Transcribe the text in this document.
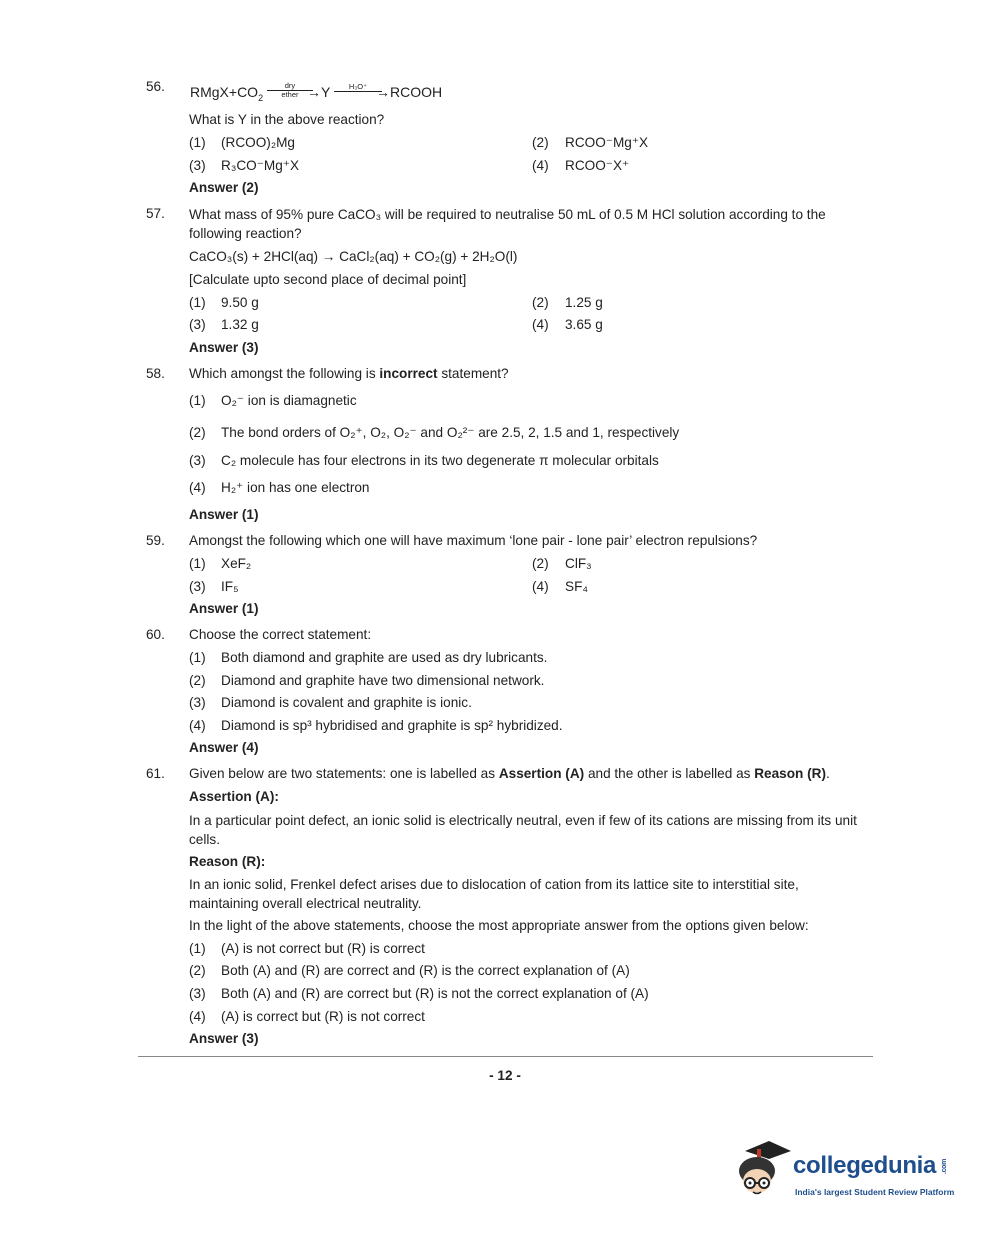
56. $RMgX+CO_2$
dry
ether →Y	H₃O⁺ →RCOOH
What is Y in the above reaction?
(1) (RCOO)₂Mg	(2) RCOO⁻Mg⁺X
(3) R₃CO⁻Mg⁺X	(4) RCOO⁻X⁺
Answer (2)
57. What mass of 95% pure CaCO₃ will be required to neutralise 50 mL of 0.5 M HCl solution according to the following reaction?
CaCO₃(s) + 2HCl(aq) → CaCl₂(aq) + CO₂(g) + 2H₂O(l)
[Calculate upto second place of decimal point]
(1) 9.50 g	(2) 1.25 g
(3) 1.32 g	(4) 3.65 g
Answer (3)
58. Which amongst the following is incorrect statement?
(1) O₂⁻ ion is diamagnetic
(2) The bond orders of O₂⁺, O₂, O₂⁻ and O₂²⁻ are 2.5, 2, 1.5 and 1, respectively
(3) C₂ molecule has four electrons in its two degenerate π molecular orbitals
(4) H₂⁺ ion has one electron
Answer (1)
59. Amongst the following which one will have maximum ‘lone pair - lone pair’ electron repulsions?
(1) XeF₂	(2) ClF₃
(3) IF₅	(4) SF₄
Answer (1)
60. Choose the correct statement:
(1) Both diamond and graphite are used as dry lubricants.
(2) Diamond and graphite have two dimensional network.
(3) Diamond is covalent and graphite is ionic.
(4) Diamond is sp³ hybridised and graphite is sp² hybridized.
Answer (4)
61. Given below are two statements: one is labelled as Assertion (A) and the other is labelled as Reason (R).
Assertion (A):
In a particular point defect, an ionic solid is electrically neutral, even if few of its cations are missing from its unit cells.
Reason (R):
In an ionic solid, Frenkel defect arises due to dislocation of cation from its lattice site to interstitial site, maintaining overall electrical neutrality.
In the light of the above statements, choose the most appropriate answer from the options given below:
(1) (A) is not correct but (R) is correct
(2) Both (A) and (R) are correct and (R) is the correct explanation of (A)
(3) Both (A) and (R) are correct but (R) is not the correct explanation of (A)
(4) (A) is correct but (R) is not correct
Answer (3)
- 12 -
collegedunia .com
India's largest Student Review Platform
